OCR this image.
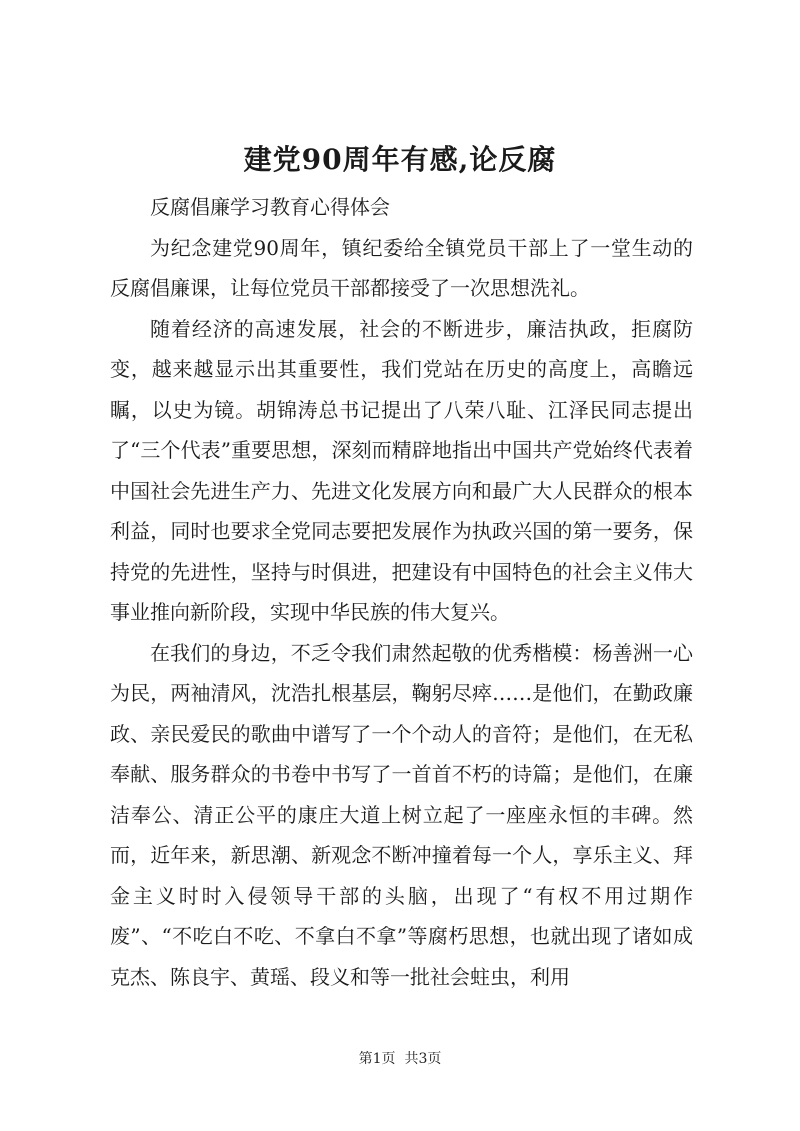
建党90周年有感,论反腐

反腐倡廉学习教育心得体会

为纪念建党90周年，镇纪委给全镇党员干部上了一堂生动的反腐倡廉课，让每位党员干部都接受了一次思想洗礼。

随着经济的高速发展，社会的不断进步，廉洁执政，拒腐防变，越来越显示出其重要性，我们党站在历史的高度上，高瞻远瞩，以史为镜。胡锦涛总书记提出了八荣八耻、江泽民同志提出了“三个代表”重要思想，深刻而精辟地指出中国共产党始终代表着中国社会先进生产力、先进文化发展方向和最广大人民群众的根本利益，同时也要求全党同志要把发展作为执政兴国的第一要务，保持党的先进性，坚持与时俱进，把建设有中国特色的社会主义伟大事业推向新阶段，实现中华民族的伟大复兴。

在我们的身边，不乏令我们肃然起敬的优秀楷模：杨善洲一心为民，两袖清风，沈浩扎根基层，鞠躬尽瘁……是他们，在勤政廉政、亲民爱民的歌曲中谱写了一个个动人的音符；是他们，在无私奉献、服务群众的书卷中书写了一首首不朽的诗篇；是他们，在廉洁奉公、清正公平的康庄大道上树立起了一座座永恒的丰碑。然而，近年来，新思潮、新观念不断冲撞着每一个人，享乐主义、拜金主义时时入侵领导干部的头脑，出现了“有权不用过期作废”、“不吃白不吃、不拿白不拿”等腐朽思想，也就出现了诸如成克杰、陈良宇、黄瑶、段义和等一批社会蛀虫，利用

第1页  共3页
